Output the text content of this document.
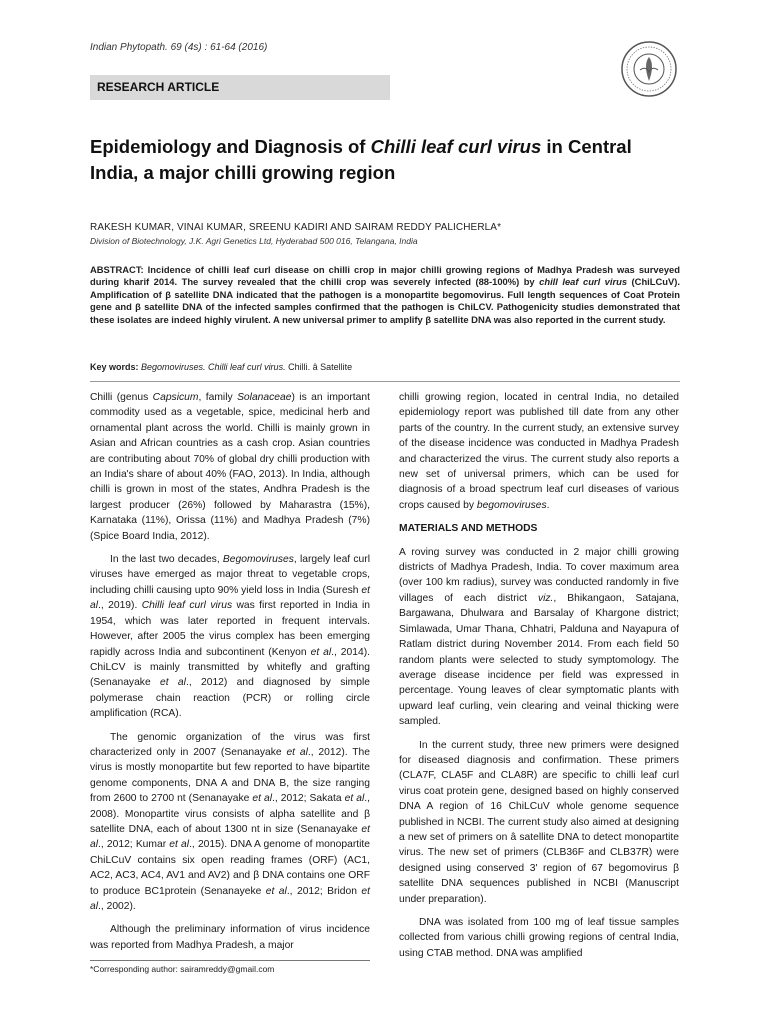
Indian Phytopath. 69 (4s) : 61-64 (2016)
RESEARCH ARTICLE
Epidemiology and Diagnosis of Chilli leaf curl virus in Central India, a major chilli growing region
RAKESH KUMAR, VINAI KUMAR, SREENU KADIRI AND SAIRAM REDDY PALICHERLA*
Division of Biotechnology, J.K. Agri Genetics Ltd, Hyderabad 500 016, Telangana, India

ABSTRACT: Incidence of chilli leaf curl disease on chilli crop in major chilli growing regions of Madhya Pradesh was surveyed during kharif 2014. The survey revealed that the chilli crop was severely infected (88-100%) by chill leaf curl virus (ChiLCuV). Amplification of β satellite DNA indicated that the pathogen is a monopartite begomovirus. Full length sequences of Coat Protein gene and β satellite DNA of the infected samples confirmed that the pathogen is ChiLCV. Pathogenicity studies demonstrated that these isolates are indeed highly virulent. A new universal primer to amplify β satellite DNA was also reported in the current study.

Key words: Begomoviruses. Chilli leaf curl virus. Chilli. â Satellite

Chilli (genus Capsicum, family Solanaceae) is an important commodity used as a vegetable, spice, medicinal herb and ornamental plant across the world. Chilli is mainly grown in Asian and African countries as a cash crop. Asian countries are contributing about 70% of global dry chilli production with an India's share of about 40% (FAO, 2013). In India, although chilli is grown in most of the states, Andhra Pradesh is the largest producer (26%) followed by Maharastra (15%), Karnataka (11%), Orissa (11%) and Madhya Pradesh (7%) (Spice Board India, 2012).

In the last two decades, Begomoviruses, largely leaf curl viruses have emerged as major threat to vegetable crops, including chilli causing upto 90% yield loss in India (Suresh et al., 2019). Chilli leaf curl virus was first reported in India in 1954, which was later reported in frequent intervals. However, after 2005 the virus complex has been emerging rapidly across India and subcontinent (Kenyon et al., 2014). ChiLCV is mainly transmitted by whitefly and grafting (Senanayake et al., 2012) and diagnosed by simple polymerase chain reaction (PCR) or rolling circle amplification (RCA).

The genomic organization of the virus was first characterized only in 2007 (Senanayake et al., 2012). The virus is mostly monopartite but few reported to have bipartite genome components, DNA A and DNA B, the size ranging from 2600 to 2700 nt (Senanayake et al., 2012; Sakata et al., 2008). Monopartite virus consists of alpha satellite and β satellite DNA, each of about 1300 nt in size (Senanayake et al., 2012; Kumar et al., 2015). DNA A genome of monopartite ChiLCuV contains six open reading frames (ORF) (AC1, AC2, AC3, AC4, AV1 and AV2) and β DNA contains one ORF to produce BC1protein (Senanayeke et al., 2012; Bridon et al., 2002).

Although the preliminary information of virus incidence was reported from Madhya Pradesh, a major

chilli growing region, located in central India, no detailed epidemiology report was published till date from any other parts of the country. In the current study, an extensive survey of the disease incidence was conducted in Madhya Pradesh and characterized the virus. The current study also reports a new set of universal primers, which can be used for diagnosis of a broad spectrum leaf curl diseases of various crops caused by begomoviruses.

MATERIALS AND METHODS

A roving survey was conducted in 2 major chilli growing districts of Madhya Pradesh, India. To cover maximum area (over 100 km radius), survey was conducted randomly in five villages of each district viz., Bhikangaon, Satajana, Bargawana, Dhulwara and Barsalay of Khargone district; Simlawada, Umar Thana, Chhatri, Palduna and Nayapura of Ratlam district during November 2014. From each field 50 random plants were selected to study symptomology. The average disease incidence per field was expressed in percentage. Young leaves of clear symptomatic plants with upward leaf curling, vein clearing and veinal thicking were sampled.

In the current study, three new primers were designed for diseased diagnosis and confirmation. These primers (CLA7F, CLA5F and CLA8R) are specific to chilli leaf curl virus coat protein gene, designed based on highly conserved DNA A region of 16 ChiLCuV whole genome sequence published in NCBI. The current study also aimed at designing a new set of primers on â satellite DNA to detect monopartite virus. The new set of primers (CLB36F and CLB37R) were designed using conserved 3' region of 67 begomovirus β satellite DNA sequences published in NCBI (Manuscript under preparation).

DNA was isolated from 100 mg of leaf tissue samples collected from various chilli growing regions of central India, using CTAB method. DNA was amplified

*Corresponding author: sairamreddy@gmail.com
